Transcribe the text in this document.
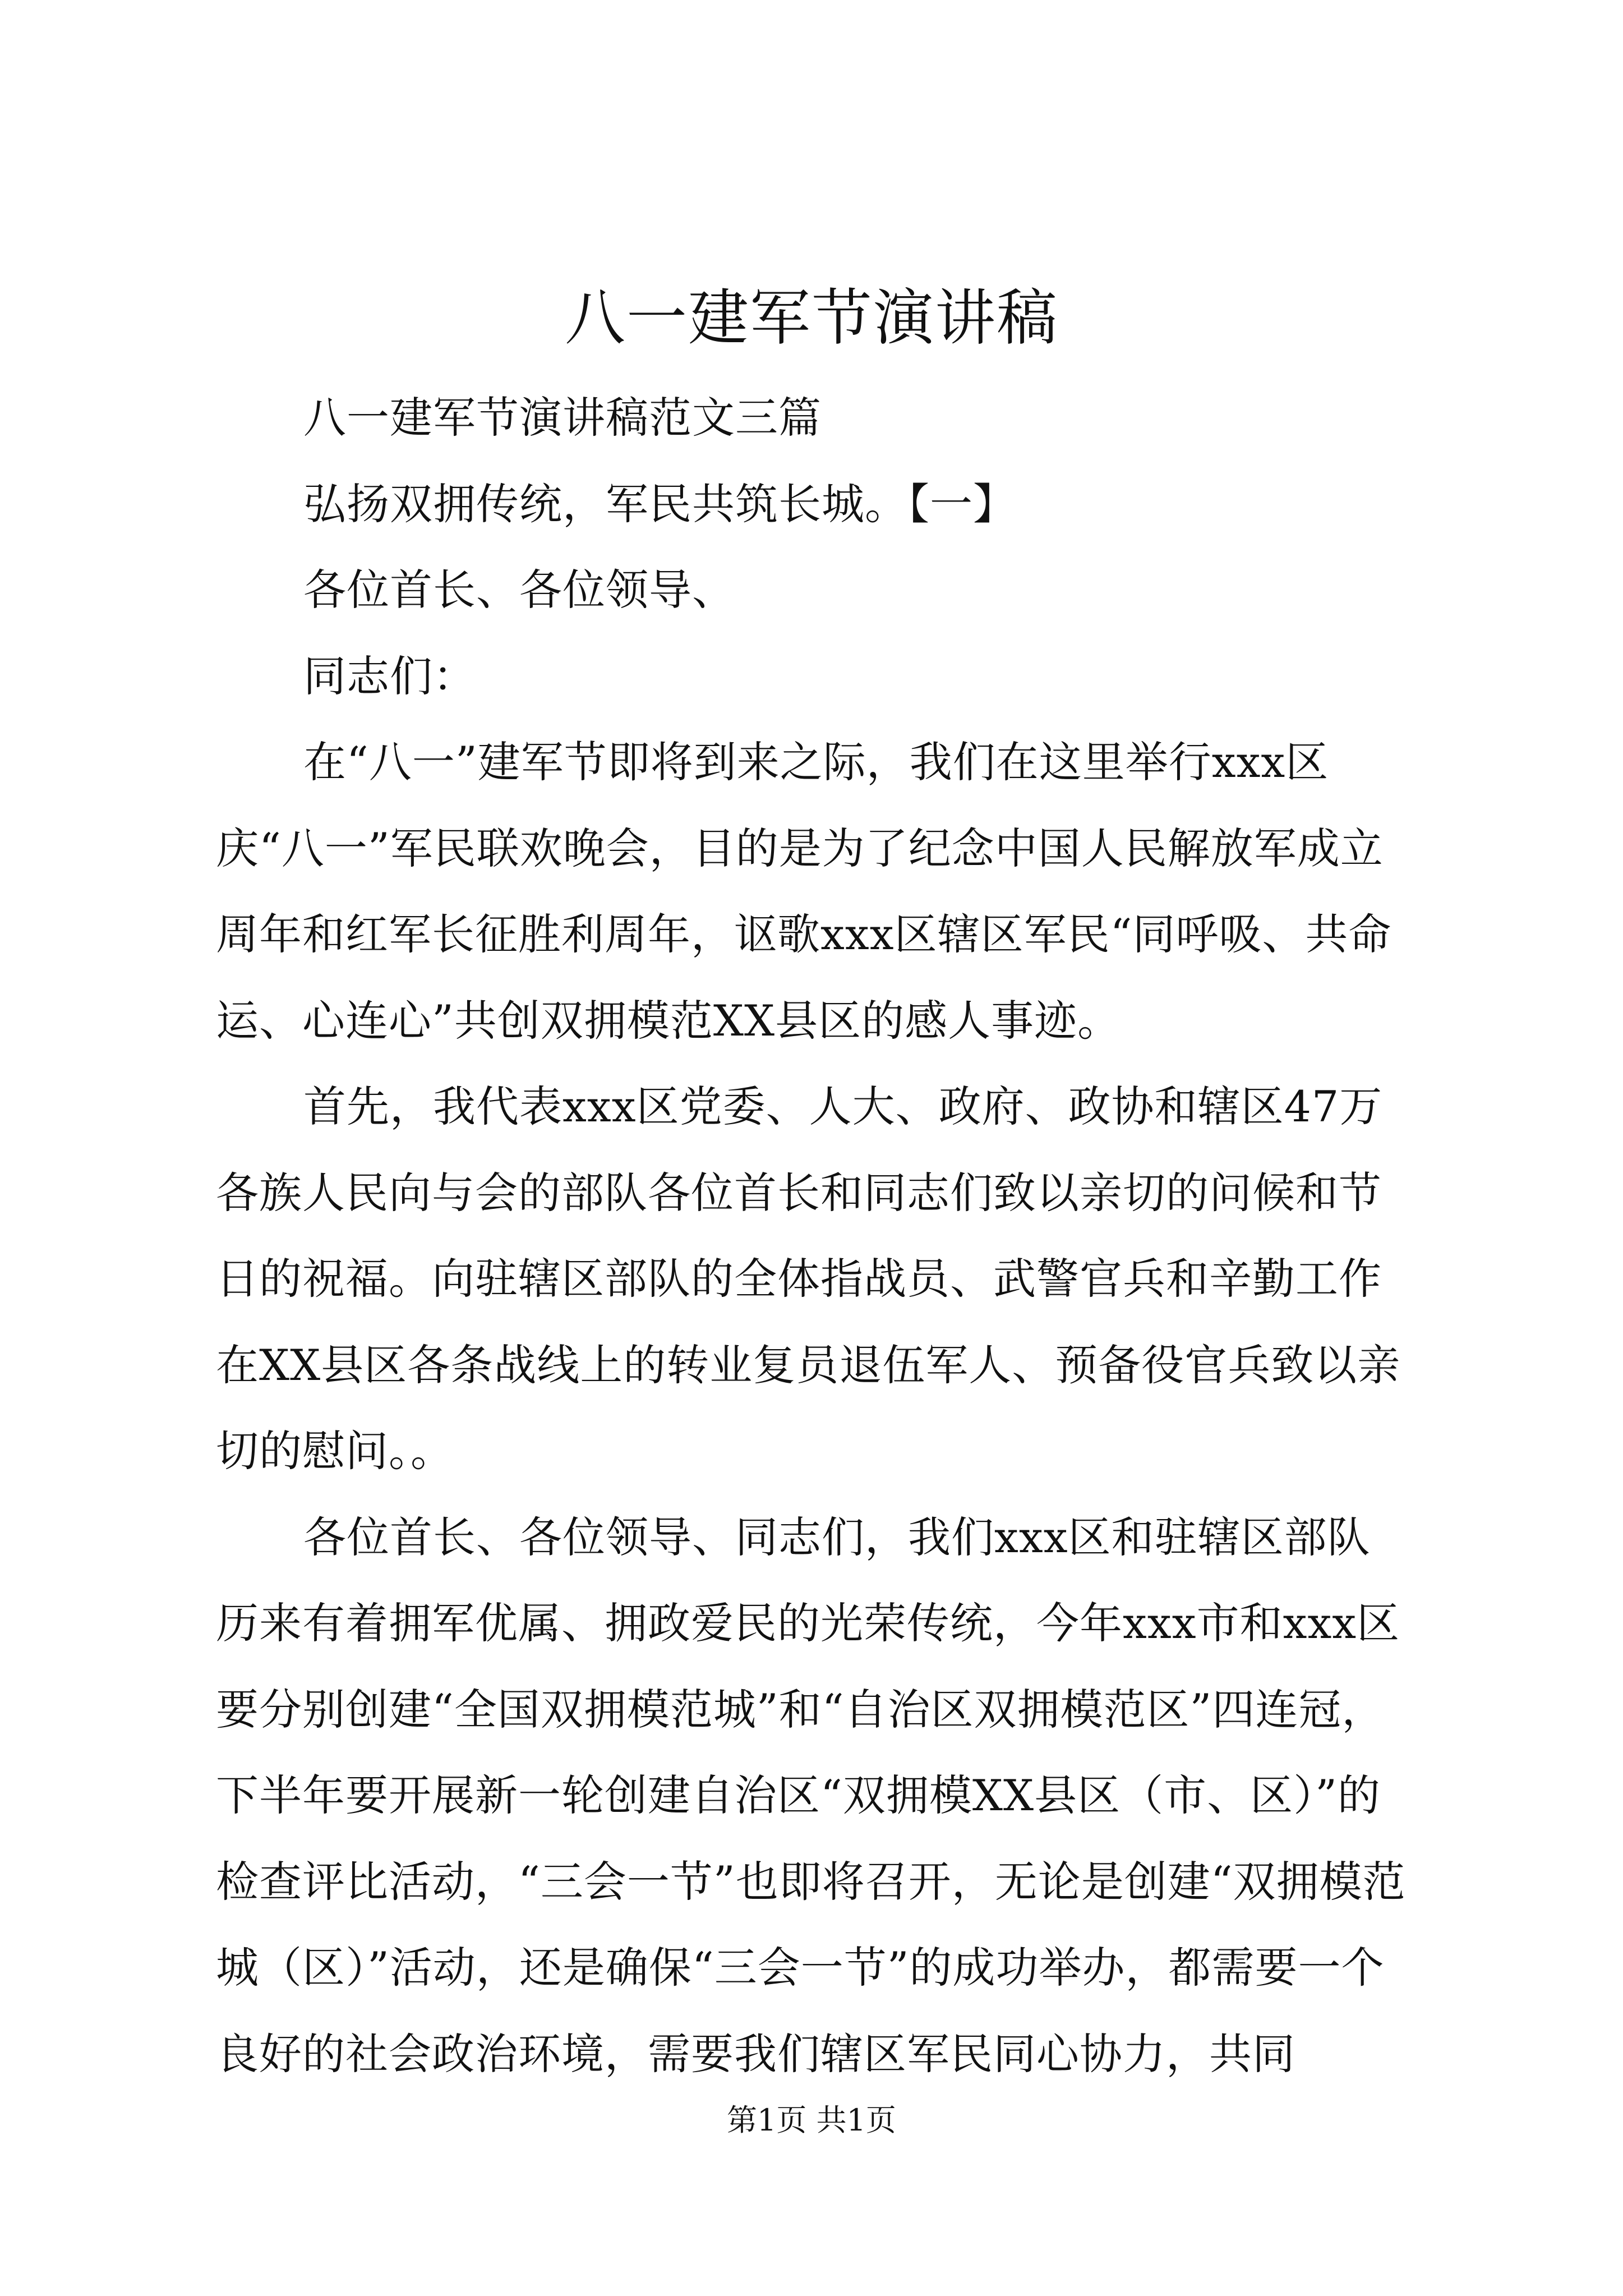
八一建军节演讲稿

八一建军节演讲稿范文三篇

弘扬双拥传统，军民共筑长城。【一】

各位首长、各位领导、

同志们：

在“八一”建军节即将到来之际，我们在这里举行xxx区庆“八一”军民联欢晚会，目的是为了纪念中国人民解放军成立周年和红军长征胜利周年，讴歌xxx区辖区军民“同呼吸、共命运、心连心”共创双拥模范XX县区的感人事迹。

首先，我代表xxx区党委、人大、政府、政协和辖区47万各族人民向与会的部队各位首长和同志们致以亲切的问候和节日的祝福。向驻辖区部队的全体指战员、武警官兵和辛勤工作在XX县区各条战线上的转业复员退伍军人、预备役官兵致以亲切的慰问。。

各位首长、各位领导、同志们，我们xxx区和驻辖区部队历来有着拥军优属、拥政爱民的光荣传统，今年xxx市和xxx区要分别创建“全国双拥模范城”和“自治区双拥模范区”四连冠，下半年要开展新一轮创建自治区“双拥模XX县区（市、区）”的检查评比活动，“三会一节”也即将召开，无论是创建“双拥模范城（区）”活动，还是确保“三会一节”的成功举办，都需要一个良好的社会政治环境，需要我们辖区军民同心协力，共同

第1页 共1页
